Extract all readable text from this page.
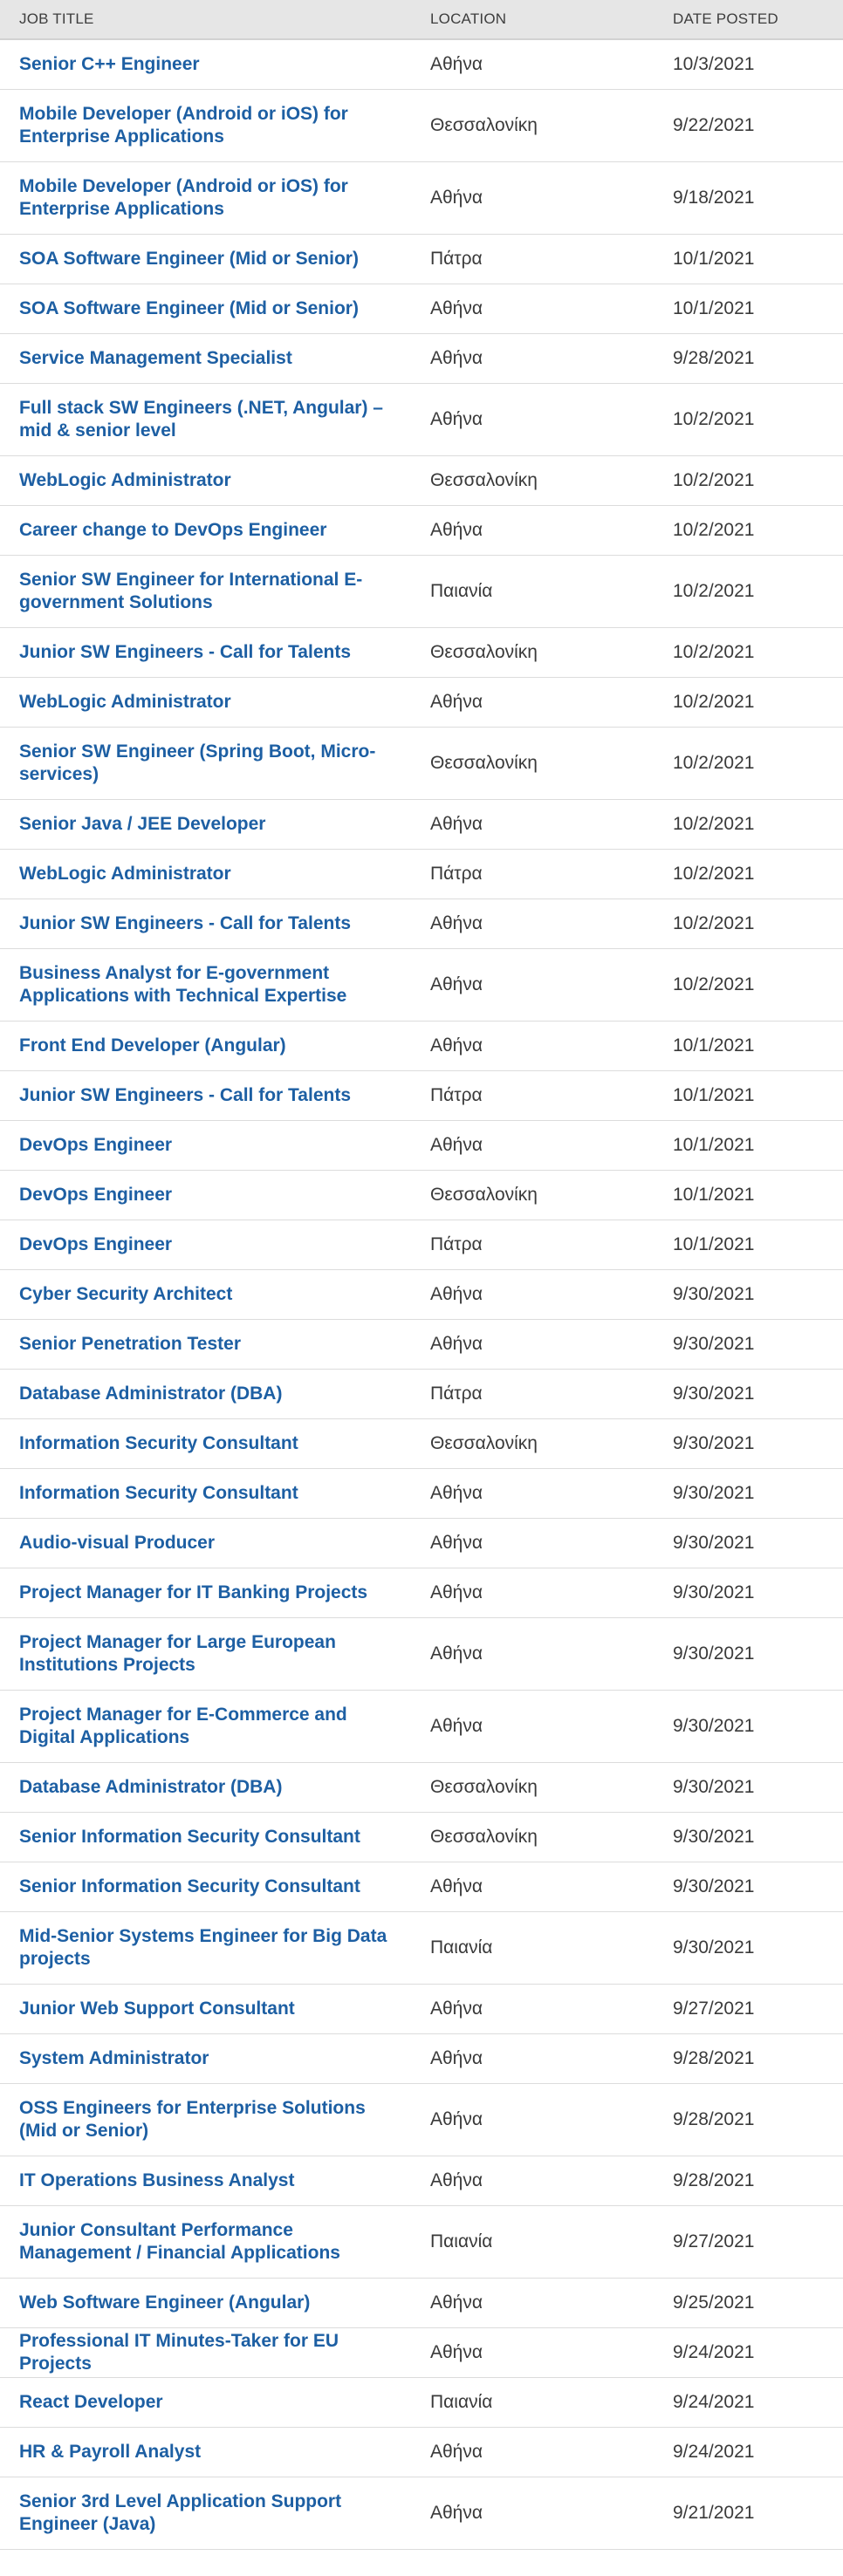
JOB TITLE	LOCATION	DATE POSTED
Senior C++ Engineer	Αθήνα	10/3/2021
Mobile Developer (Android or iOS) for Enterprise Applications	Θεσσαλονίκη	9/22/2021
Mobile Developer (Android or iOS) for Enterprise Applications	Αθήνα	9/18/2021
SOA Software Engineer (Mid or Senior)	Πάτρα	10/1/2021
SOA Software Engineer (Mid or Senior)	Αθήνα	10/1/2021
Service Management Specialist	Αθήνα	9/28/2021
Full stack SW Engineers (.NET, Angular) – mid & senior level	Αθήνα	10/2/2021
WebLogic Administrator	Θεσσαλονίκη	10/2/2021
Career change to DevOps Engineer	Αθήνα	10/2/2021
Senior SW Engineer for International E-government Solutions	Παιανία	10/2/2021
Junior SW Engineers - Call for Talents	Θεσσαλονίκη	10/2/2021
WebLogic Administrator	Αθήνα	10/2/2021
Senior SW Engineer (Spring Boot, Micro-services)	Θεσσαλονίκη	10/2/2021
Senior Java / JEE Developer	Αθήνα	10/2/2021
WebLogic Administrator	Πάτρα	10/2/2021
Junior SW Engineers - Call for Talents	Αθήνα	10/2/2021
Business Analyst for E-government Applications with Technical Expertise	Αθήνα	10/2/2021
Front End Developer (Angular)	Αθήνα	10/1/2021
Junior SW Engineers - Call for Talents	Πάτρα	10/1/2021
DevOps Engineer	Αθήνα	10/1/2021
DevOps Engineer	Θεσσαλονίκη	10/1/2021
DevOps Engineer	Πάτρα	10/1/2021
Cyber Security Architect	Αθήνα	9/30/2021
Senior Penetration Tester	Αθήνα	9/30/2021
Database Administrator (DBA)	Πάτρα	9/30/2021
Information Security Consultant	Θεσσαλονίκη	9/30/2021
Information Security Consultant	Αθήνα	9/30/2021
Audio-visual Producer	Αθήνα	9/30/2021
Project Manager for IT Banking Projects	Αθήνα	9/30/2021
Project Manager for Large European Institutions Projects	Αθήνα	9/30/2021
Project Manager for E-Commerce and Digital Applications	Αθήνα	9/30/2021
Database Administrator (DBA)	Θεσσαλονίκη	9/30/2021
Senior Information Security Consultant	Θεσσαλονίκη	9/30/2021
Senior Information Security Consultant	Αθήνα	9/30/2021
Mid-Senior Systems Engineer for Big Data projects	Παιανία	9/30/2021
Junior Web Support Consultant	Αθήνα	9/27/2021
System Administrator	Αθήνα	9/28/2021
OSS Engineers for Enterprise Solutions (Mid or Senior)	Αθήνα	9/28/2021
IT Operations Business Analyst	Αθήνα	9/28/2021
Junior Consultant Performance Management / Financial Applications	Παιανία	9/27/2021
Web Software Engineer (Angular)	Αθήνα	9/25/2021
Professional IT Minutes-Taker for EU Projects	Αθήνα	9/24/2021
React Developer	Παιανία	9/24/2021
HR & Payroll Analyst	Αθήνα	9/24/2021
Senior 3rd Level Application Support Engineer (Java)	Αθήνα	9/21/2021
